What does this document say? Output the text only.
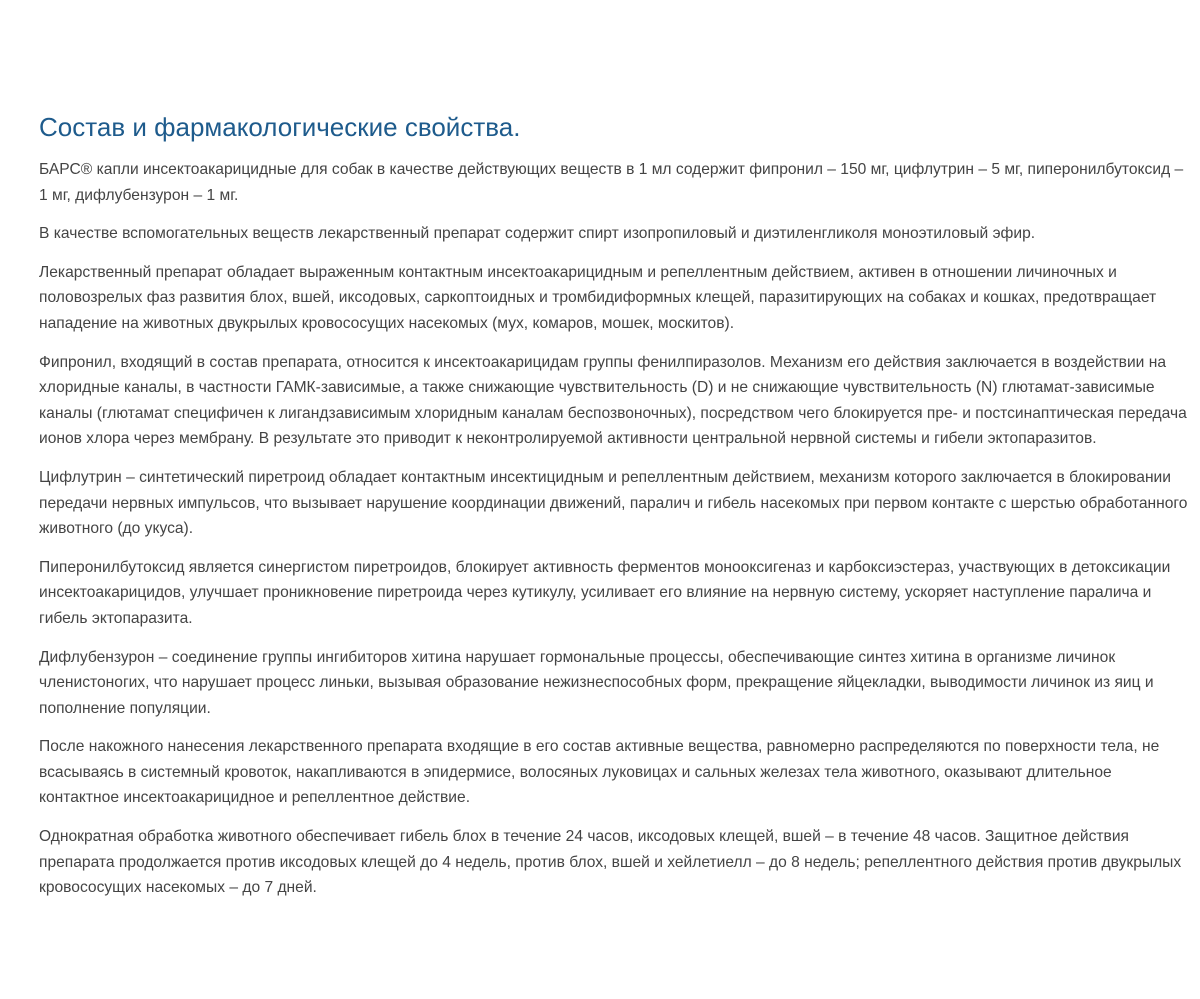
Состав и фармакологические свойства.

БАРС® капли инсектоакарицидные для собак в качестве действующих веществ в 1 мл содержит фипронил – 150 мг, цифлутрин – 5 мг, пиперонилбутоксид – 1 мг, дифлубензурон – 1 мг.

В качестве вспомогательных веществ лекарственный препарат содержит спирт изопропиловый и диэтиленгликоля моноэтиловый эфир.

Лекарственный препарат обладает выраженным контактным инсектоакарицидным и репеллентным действием, активен в отношении личиночных и половозрелых фаз развития блох, вшей, иксодовых, саркоптоидных и тромбидиформных клещей, паразитирующих на собаках и кошках, предотвращает нападение на животных двукрылых кровососущих насекомых (мух, комаров, мошек, москитов).

Фипронил, входящий в состав препарата, относится к инсектоакарицидам группы фенилпиразолов. Механизм его действия заключается в воздействии на хлоридные каналы, в частности ГАМК-зависимые, а также снижающие чувствительность (D) и не снижающие чувствительность (N) глютамат-зависимые каналы (глютамат специфичен к лигандзависимым хлоридным каналам беспозвоночных), посредством чего блокируется пре- и постсинаптическая передача ионов хлора через мембрану. В результате это приводит к неконтролируемой активности центральной нервной системы и гибели эктопаразитов.

Цифлутрин – синтетический пиретроид обладает контактным инсектицидным и репеллентным действием, механизм которого заключается в блокировании передачи нервных импульсов, что вызывает нарушение координации движений, паралич и гибель насекомых при первом контакте с шерстью обработанного животного (до укуса).

Пиперонилбутоксид является синергистом пиретроидов, блокирует активность ферментов монооксигеназ и карбоксиэстераз, участвующих в детоксикации инсектоакарицидов, улучшает проникновение пиретроида через кутикулу, усиливает его влияние на нервную систему, ускоряет наступление паралича и гибель эктопаразита.

Дифлубензурон – соединение группы ингибиторов хитина нарушает гормональные процессы, обеспечивающие синтез хитина в организме личинок членистоногих, что нарушает процесс линьки, вызывая образование нежизнеспособных форм, прекращение яйцекладки, выводимости личинок из яиц и пополнение популяции.

После накожного нанесения лекарственного препарата входящие в его состав активные вещества, равномерно распределяются по поверхности тела, не всасываясь в системный кровоток, накапливаются в эпидермисе, волосяных луковицах и сальных железах тела животного, оказывают длительное контактное инсектоакарицидное и репеллентное действие.

Однократная обработка животного обеспечивает гибель блох в течение 24 часов, иксодовых клещей, вшей – в течение 48 часов. Защитное действия препарата продолжается против иксодовых клещей до 4 недель, против блох, вшей и хейлетиелл – до 8 недель; репеллентного действия против двукрылых кровососущих насекомых – до 7 дней.
